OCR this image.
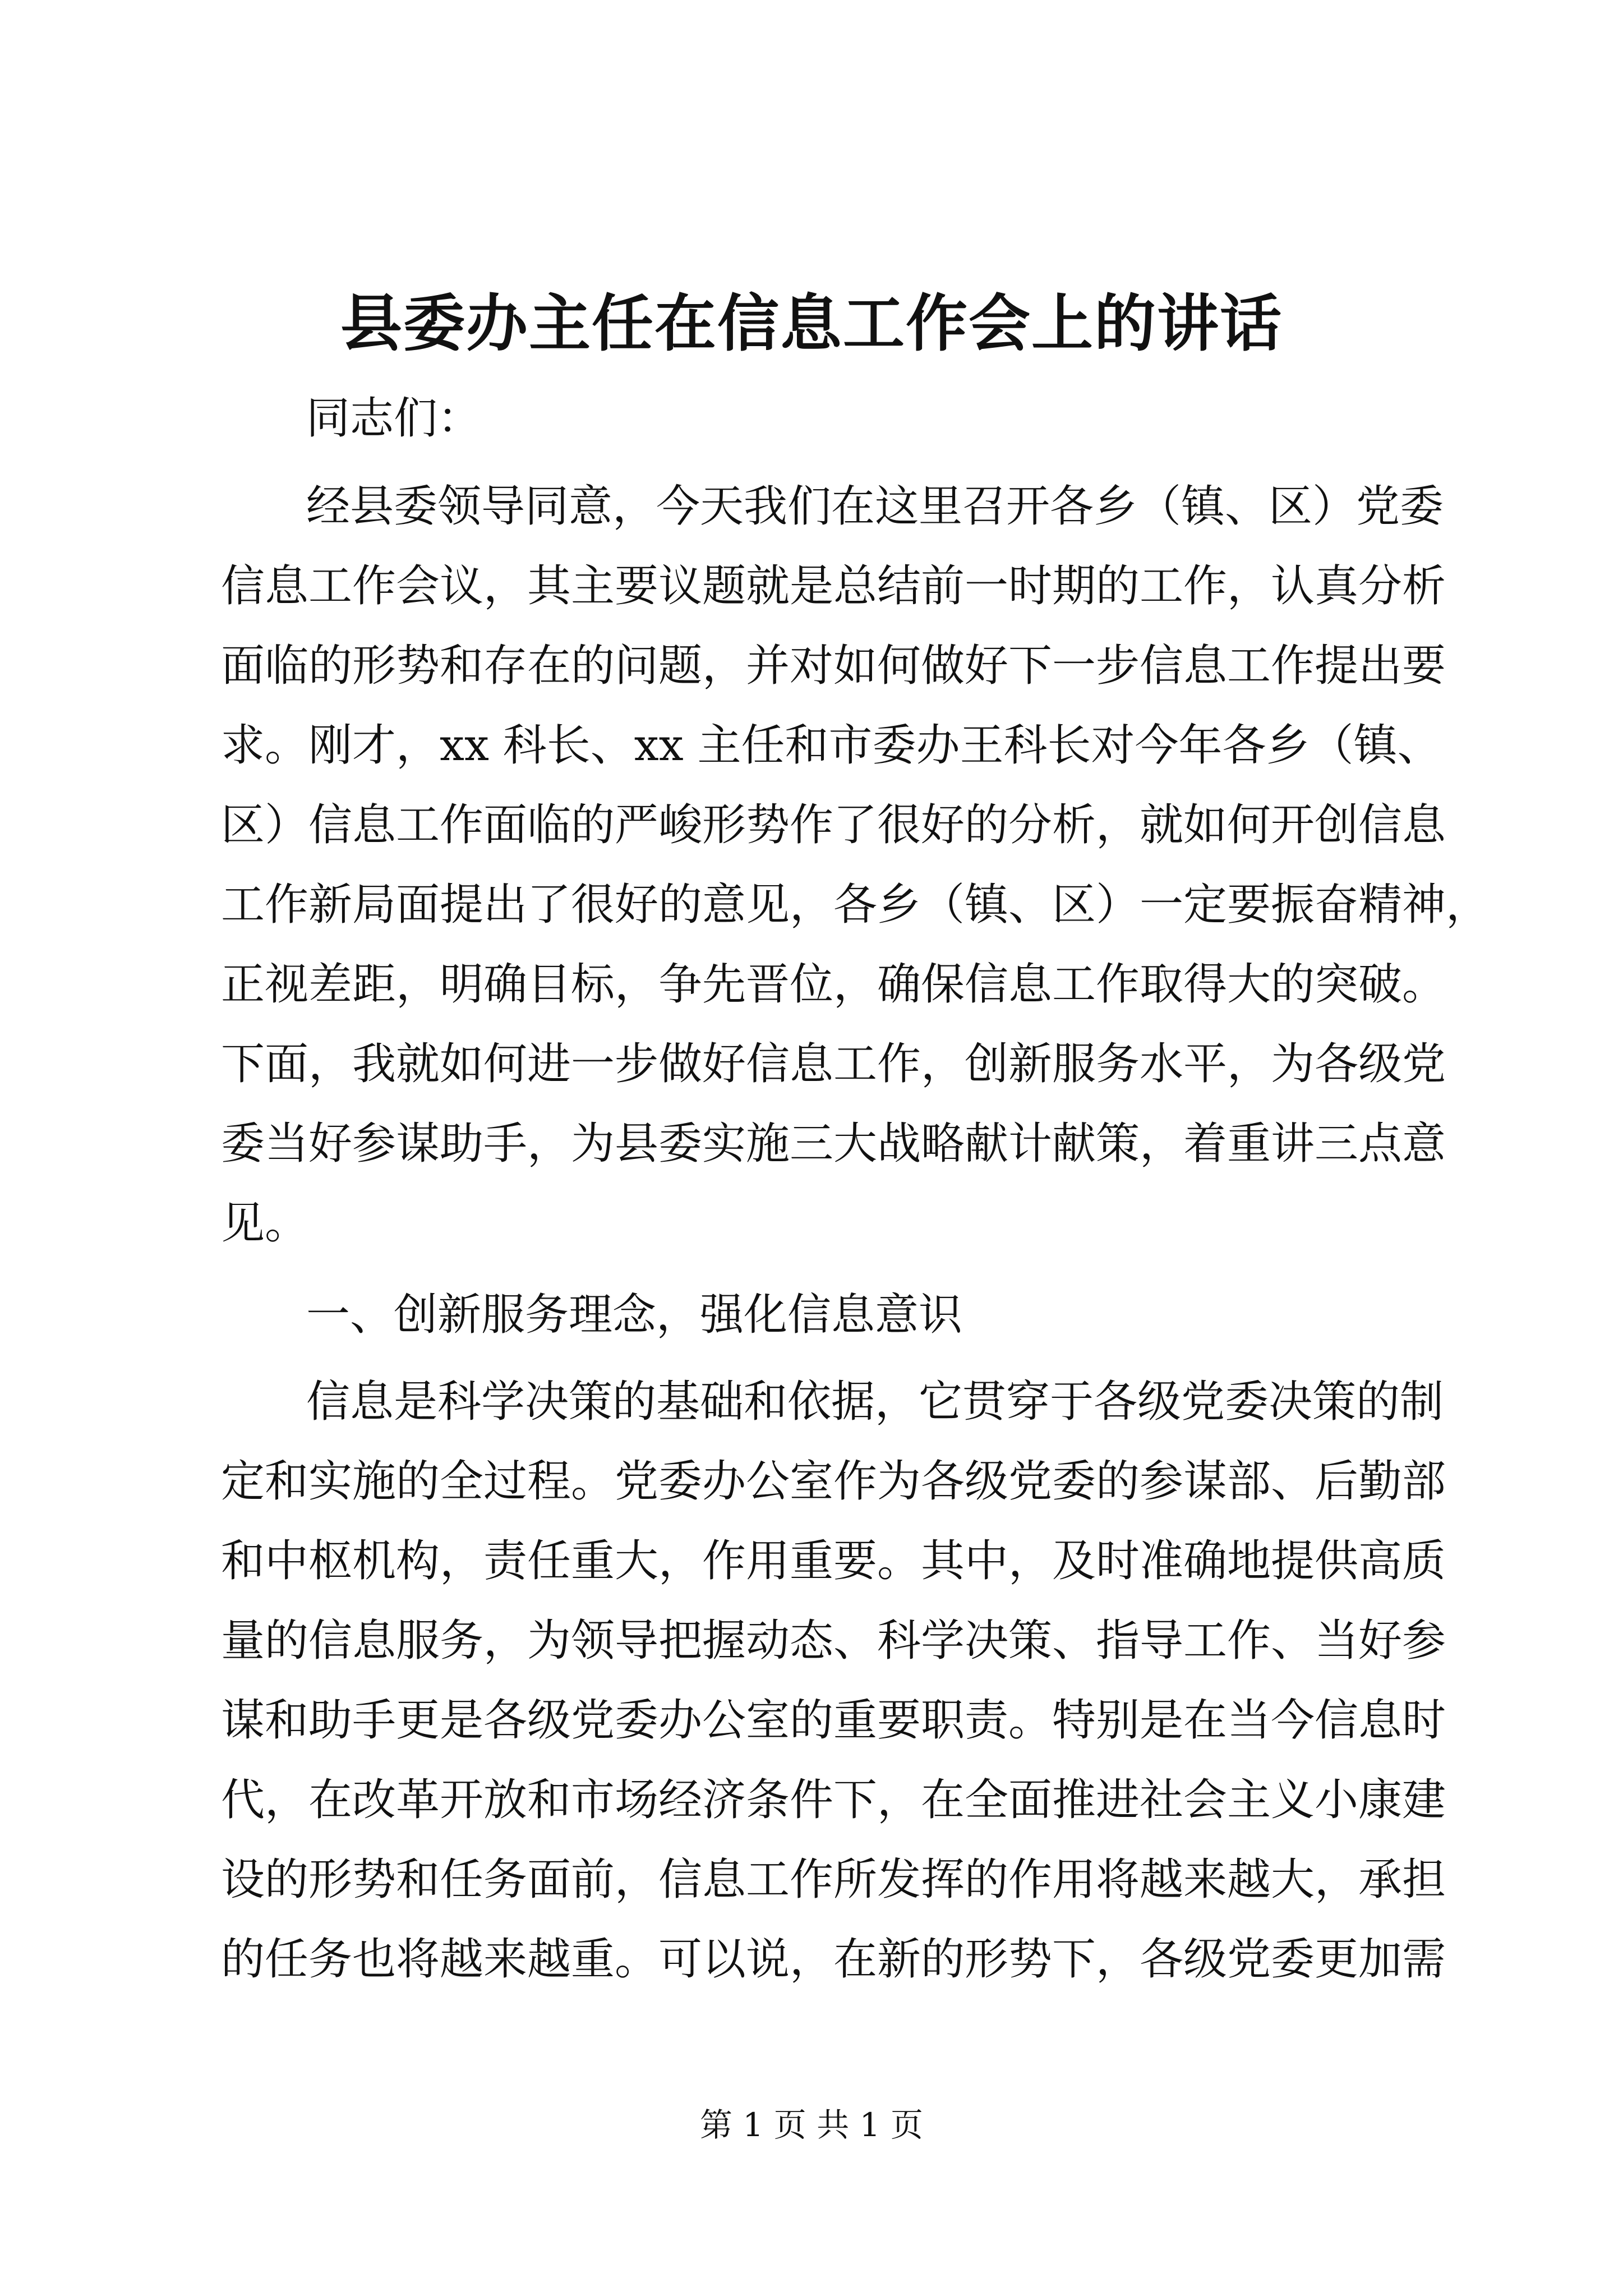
县委办主任在信息工作会上的讲话
同志们：
经县委领导同意，今天我们在这里召开各乡（镇、区）党委
信息工作会议，其主要议题就是总结前一时期的工作，认真分析
面临的形势和存在的问题，并对如何做好下一步信息工作提出要
求。刚才，xx 科长、xx 主任和市委办王科长对今年各乡（镇、
区）信息工作面临的严峻形势作了很好的分析，就如何开创信息
工作新局面提出了很好的意见，各乡（镇、区）一定要振奋精神，
正视差距，明确目标，争先晋位，确保信息工作取得大的突破。
下面，我就如何进一步做好信息工作，创新服务水平，为各级党
委当好参谋助手，为县委实施三大战略献计献策，着重讲三点意
见。
一、创新服务理念，强化信息意识
信息是科学决策的基础和依据，它贯穿于各级党委决策的制
定和实施的全过程。党委办公室作为各级党委的参谋部、后勤部
和中枢机构，责任重大，作用重要。其中，及时准确地提供高质
量的信息服务，为领导把握动态、科学决策、指导工作、当好参
谋和助手更是各级党委办公室的重要职责。特别是在当今信息时
代，在改革开放和市场经济条件下，在全面推进社会主义小康建
设的形势和任务面前，信息工作所发挥的作用将越来越大，承担
的任务也将越来越重。可以说，在新的形势下，各级党委更加需
第 1 页 共 1 页
